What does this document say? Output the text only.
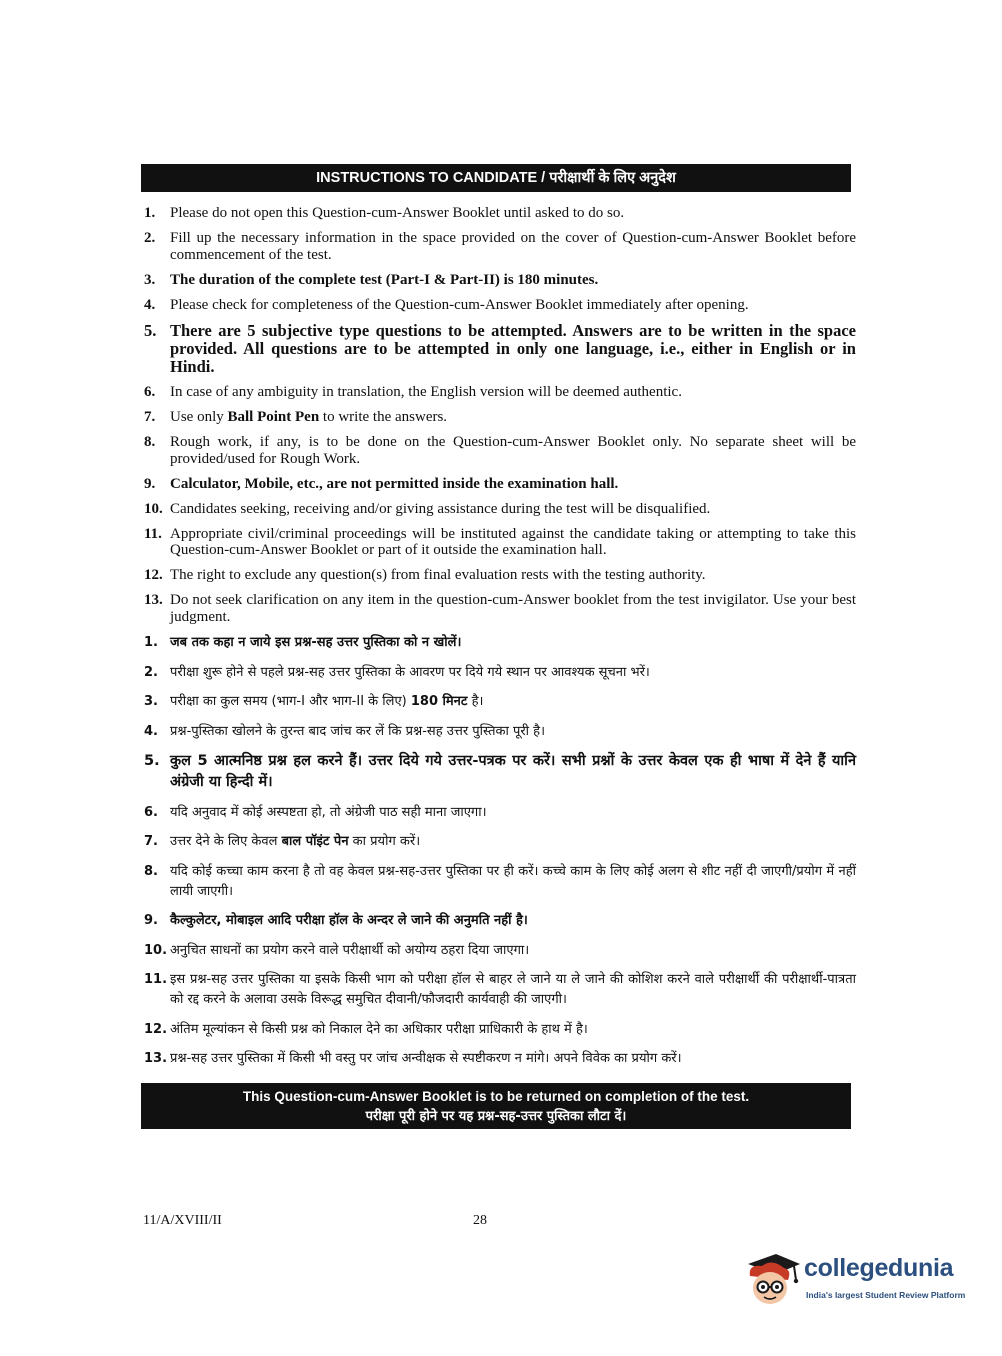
INSTRUCTIONS TO CANDIDATE / परीक्षार्थी के लिए अनुदेश
1. Please do not open this Question-cum-Answer Booklet until asked to do so.
2. Fill up the necessary information in the space provided on the cover of Question-cum-Answer Booklet before commencement of the test.
3. The duration of the complete test (Part-I & Part-II) is 180 minutes.
4. Please check for completeness of the Question-cum-Answer Booklet immediately after opening.
5. There are 5 subjective type questions to be attempted. Answers are to be written in the space provided. All questions are to be attempted in only one language, i.e., either in English or in Hindi.
6. In case of any ambiguity in translation, the English version will be deemed authentic.
7. Use only Ball Point Pen to write the answers.
8. Rough work, if any, is to be done on the Question-cum-Answer Booklet only. No separate sheet will be provided/used for Rough Work.
9. Calculator, Mobile, etc., are not permitted inside the examination hall.
10. Candidates seeking, receiving and/or giving assistance during the test will be disqualified.
11. Appropriate civil/criminal proceedings will be instituted against the candidate taking or attempting to take this Question-cum-Answer Booklet or part of it outside the examination hall.
12. The right to exclude any question(s) from final evaluation rests with the testing authority.
13. Do not seek clarification on any item in the question-cum-Answer booklet from the test invigilator. Use your best judgment.
1. जब तक कहा न जाये इस प्रश्न-सह उत्तर पुस्तिका को न खोलें।
2. परीक्षा शुरू होने से पहले प्रश्न-सह उत्तर पुस्तिका के आवरण पर दिये गये स्थान पर आवश्यक सूचना भरें।
3. परीक्षा का कुल समय (भाग-I और भाग-II के लिए) 180 मिनट है।
4. प्रश्न-पुस्तिका खोलने के तुरन्त बाद जांच कर लें कि प्रश्न-सह उत्तर पुस्तिका पूरी है।
5. कुल 5 आत्मनिष्ठ प्रश्न हल करने हैं। उत्तर दिये गये उत्तर-पत्रक पर करें। सभी प्रश्नों के उत्तर केवल एक ही भाषा में देने हैं यानि अंग्रेजी या हिन्दी में।
6. यदि अनुवाद में कोई अस्पष्टता हो, तो अंग्रेजी पाठ सही माना जाएगा।
7. उत्तर देने के लिए केवल बाल पॉइंट पेन का प्रयोग करें।
8. यदि कोई कच्चा काम करना है तो वह केवल प्रश्न-सह-उत्तर पुस्तिका पर ही करें। कच्चे काम के लिए कोई अलग से शीट नहीं दी जाएगी/प्रयोग में नहीं लायी जाएगी।
9. कैल्कुलेटर, मोबाइल आदि परीक्षा हॉल के अन्दर ले जाने की अनुमति नहीं है।
10. अनुचित साधनों का प्रयोग करने वाले परीक्षार्थी को अयोग्य ठहरा दिया जाएगा।
11. इस प्रश्न-सह उत्तर पुस्तिका या इसके किसी भाग को परीक्षा हॉल से बाहर ले जाने या ले जाने की कोशिश करने वाले परीक्षार्थी की परीक्षार्थी-पात्रता को रद्द करने के अलावा उसके विरूद्ध समुचित दीवानी/फौजदारी कार्यवाही की जाएगी।
12. अंतिम मूल्यांकन से किसी प्रश्न को निकाल देने का अधिकार परीक्षा प्राधिकारी के हाथ में है।
13. प्रश्न-सह उत्तर पुस्तिका में किसी भी वस्तु पर जांच अन्वीक्षक से स्पष्टीकरण न मांगे। अपने विवेक का प्रयोग करें।
This Question-cum-Answer Booklet is to be returned on completion of the test.
परीक्षा पूरी होने पर यह प्रश्न-सह-उत्तर पुस्तिका लौटा दें।
11/A/XVIII/II	28
collegedunia
India's largest Student Review Platform
